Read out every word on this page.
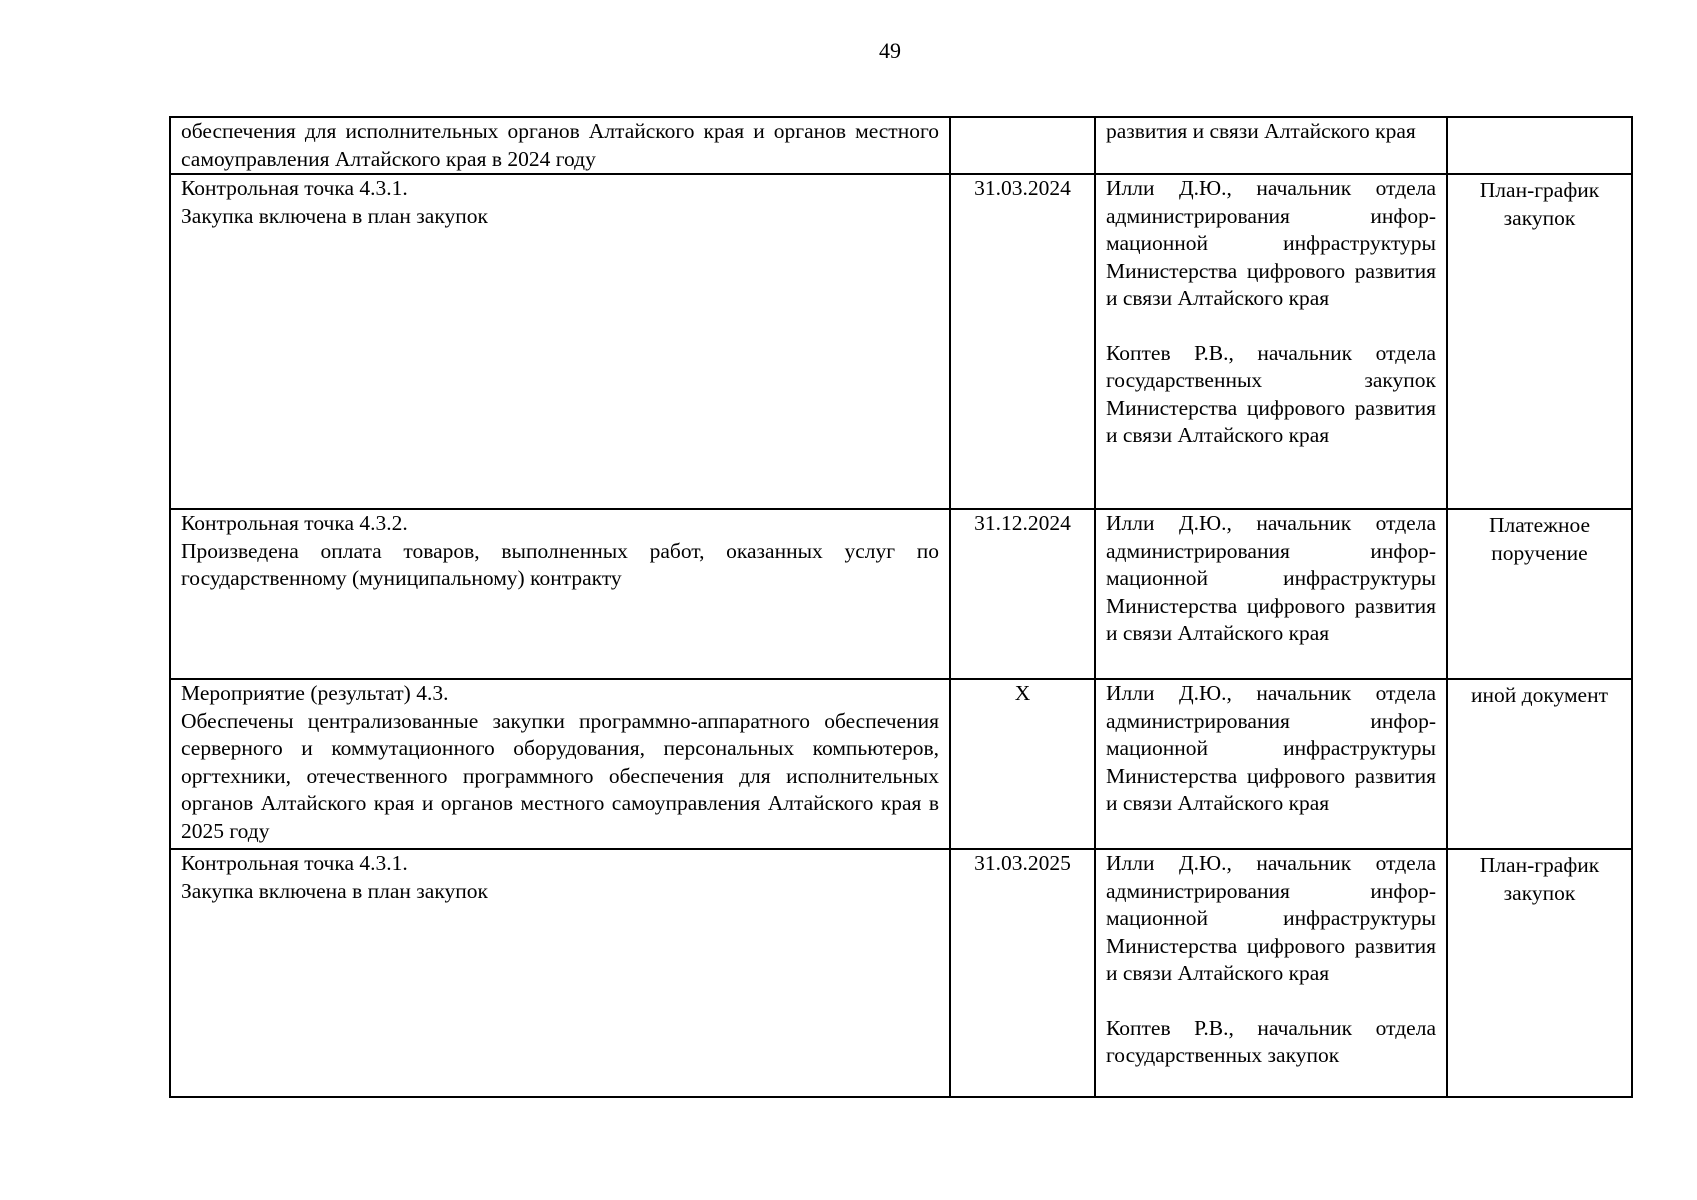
49
обеспечения для исполнительных органов Алтайского края и органов местного самоуправления Алтайского края в 2024 году		развития и связи Алтайского края	

Контрольная точка 4.3.1.
Закупка включена в план закупок	31.03.2024	Илли Д.Ю., начальник отдела администрирования инфор-мационной инфраструктуры Министерства цифрового развития и связи Алтайского края
Коптев Р.В., начальник отдела государственных закупок Министерства цифрового развития и связи Алтайского края	План-график закупок

Контрольная точка 4.3.2.
Произведена оплата товаров, выполненных работ, оказанных услуг по государственному (муниципальному) контракту	31.12.2024	Илли Д.Ю., начальник отдела администрирования инфор-мационной инфраструктуры Министерства цифрового развития и связи Алтайского края	Платежное поручение

Мероприятие (результат) 4.3.
Обеспечены централизованные закупки программно-аппаратного обеспечения серверного и коммутационного оборудования, персональных компьютеров, оргтехники, отечественного программного обеспечения для исполнительных органов Алтайского края и органов местного самоуправления Алтайского края в 2025 году	X	Илли Д.Ю., начальник отдела администрирования инфор-мационной инфраструктуры Министерства цифрового развития и связи Алтайского края	иной документ

Контрольная точка 4.3.1.
Закупка включена в план закупок	31.03.2025	Илли Д.Ю., начальник отдела администрирования инфор-мационной инфраструктуры Министерства цифрового развития и связи Алтайского края
Коптев Р.В., начальник отдела государственных закупок	План-график закупок
